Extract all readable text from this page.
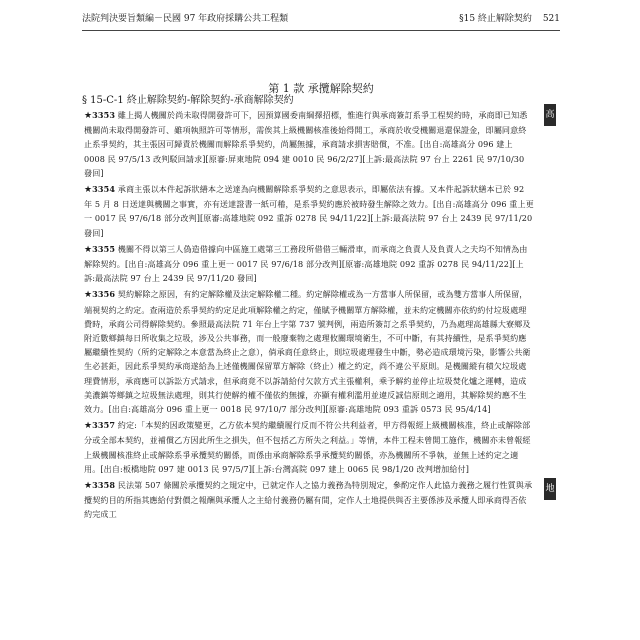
法院判決要旨類編－民國 97 年政府採購公共工程類	§15 終止解除契約 521
第 1 款 承攬解除契約
§ 15-C-1 終止解除契約-解除契約-承商解除契約

★3353 雖上揭人機關於尚未取得開發許可下，因預算國委南綱擇招標，惟進行與承商簽訂系爭工程契約時，承商即已知悉機關尚未取得開發許可、雖項執照許可等情形，需俟其上級機關核准後始得開工，承商於收受機關退還保證金，即屬同意終止系爭契約，其主張因可歸責於機關而解除系爭契約，尚屬無據，承商請求損害賠償，不准。[出自:高雄高分 096 建上 0008 民 97/5/13 改判駁回請求][原審:屏東地院 094 建 0010 民 96/2/27][上訴:最高法院 97 台上 2261 民 97/10/30 發回]

★3354 承商主張以本件起訴狀繕本之送達為向機關解除系爭契約之意思表示，即屬依法有據。又本件起訴狀繕本已於 92 年 5 月 8 日送達與機關之事實，亦有送達證書一紙可稽，是系爭契約應於被時發生解除之效力。[出自:高雄高分 096 重上更一 0017 民 97/6/18 部分改判][原審:高雄地院 092 重訴 0278 民 94/11/22][上訴:最高法院 97 台上 2439 民 97/11/20 發回]

★3355 機關不得以第三人偽造借據向中區施工處第三工務段所借借三輛滑車，而承商之負責人及負責人之夫均不知情為由解除契約。[出自:高雄高分 096 重上更一 0017 民 97/6/18 部分改判][原審:高雄地院 092 重訴 0278 民 94/11/22][上訴:最高法院 97 台上 2439 民 97/11/20 發回]

★3356 契約解除之原因，有約定解除權及法定解除權二種。約定解除權或為一方當事人所保留，或為雙方當事人所保留，端視契約之約定。查兩造於系爭契約約定足此項解除權之約定，僅賦予機關單方解除權，並未約定機關亦依約約付垃圾處理費時，承商公司得解除契約。參照最高法院 71 年台上字第 737 號判例，兩造所簽訂之系爭契約，乃為處理高雄縣大寮鄉及附近數鄉鎮每日所收集之垃圾，涉及公共事務，而一般廢棄物之處理攸關環境衛生，不可中斷，有其持續性，是系爭契約應屬繼續性契約（所約定解除之本意當為終止之意），倘承商任意終止，則垃圾處理發生中斷，勢必造成環境污染，影響公共衛生必甚鉅，因此系爭契約承商遂給為上述僅機關保留單方解除（終止）權之約定，尚不違公平原則。是機關縱有積欠垃圾處理費情形，承商應可以訴訟方式請求，但承商竟不以訴請給付欠款方式主張權利，乘予解約並停止垃圾焚化爐之運轉，造成美濃鎮等鄉鎮之垃圾無法處理，則其行使解約權不僅依約無據，亦顯有權利濫用並違反誠信原則之適用，其解除契約應不生效力。[出自:高雄高分 096 重上更一 0018 民 97/10/7 部分改判][原審:高雄地院 093 重訴 0573 民 95/4/14]

★3357 約定:「本契約因政策變更，乙方依本契約繼續履行反而不符公共利益者，甲方得報經上級機關核准，終止或解除部分或全部本契約，並補償乙方因此所生之損失，但不包括乙方所失之利益。」等情，本件工程未曾開工施作，機關亦未曾報經上級機關核准終止或解除系爭承攬契約關係，而係由承商解除系爭承攬契約關係，亦為機關所不爭執，並無上述約定之適用。[出自:板橋地院 097 建 0013 民 97/5/7][上訴:台灣高院 097 建上 0065 民 98/1/20 改判增加給付]

★3358 民法第 507 條關於承攬契約之規定中，已就定作人之協力義務為特別規定，參酌定作人此協力義務之履行性質與承攬契約目的所指其應給付對價之報酬與承攬人之主給付義務仍屬有間，定作人土地提供與否主要係涉及承攬人即承商得否依約完成工

高
地
